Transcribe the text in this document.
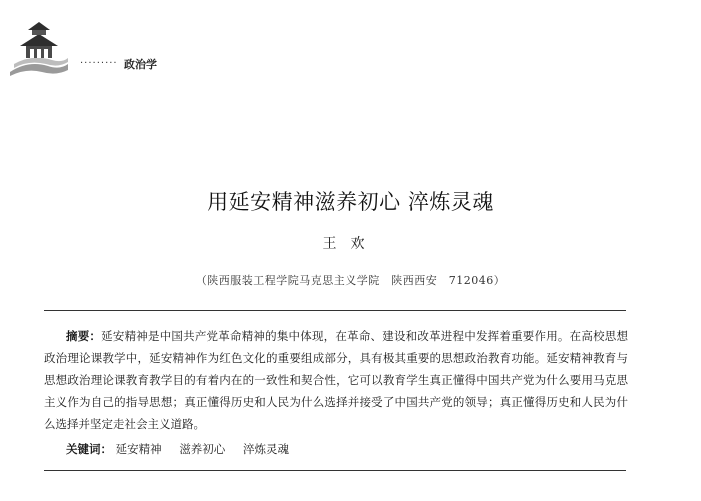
········· 政治学
用延安精神滋养初心 淬炼灵魂
王欢
（陕西服装工程学院马克思主义学院　陕西西安　712046）

摘要：延安精神是中国共产党革命精神的集中体现，在革命、建设和改革进程中发挥着重要作用。在高校思想政治理论课教学中，延安精神作为红色文化的重要组成部分，具有极其重要的思想政治教育功能。延安精神教育与思想政治理论课教育教学目的有着内在的一致性和契合性，它可以教育学生真正懂得中国共产党为什么要用马克思主义作为自己的指导思想；真正懂得历史和人民为什么选择并接受了中国共产党的领导；真正懂得历史和人民为什么选择并坚定走社会主义道路。

关键词： 延安精神 滋养初心 淬炼灵魂
